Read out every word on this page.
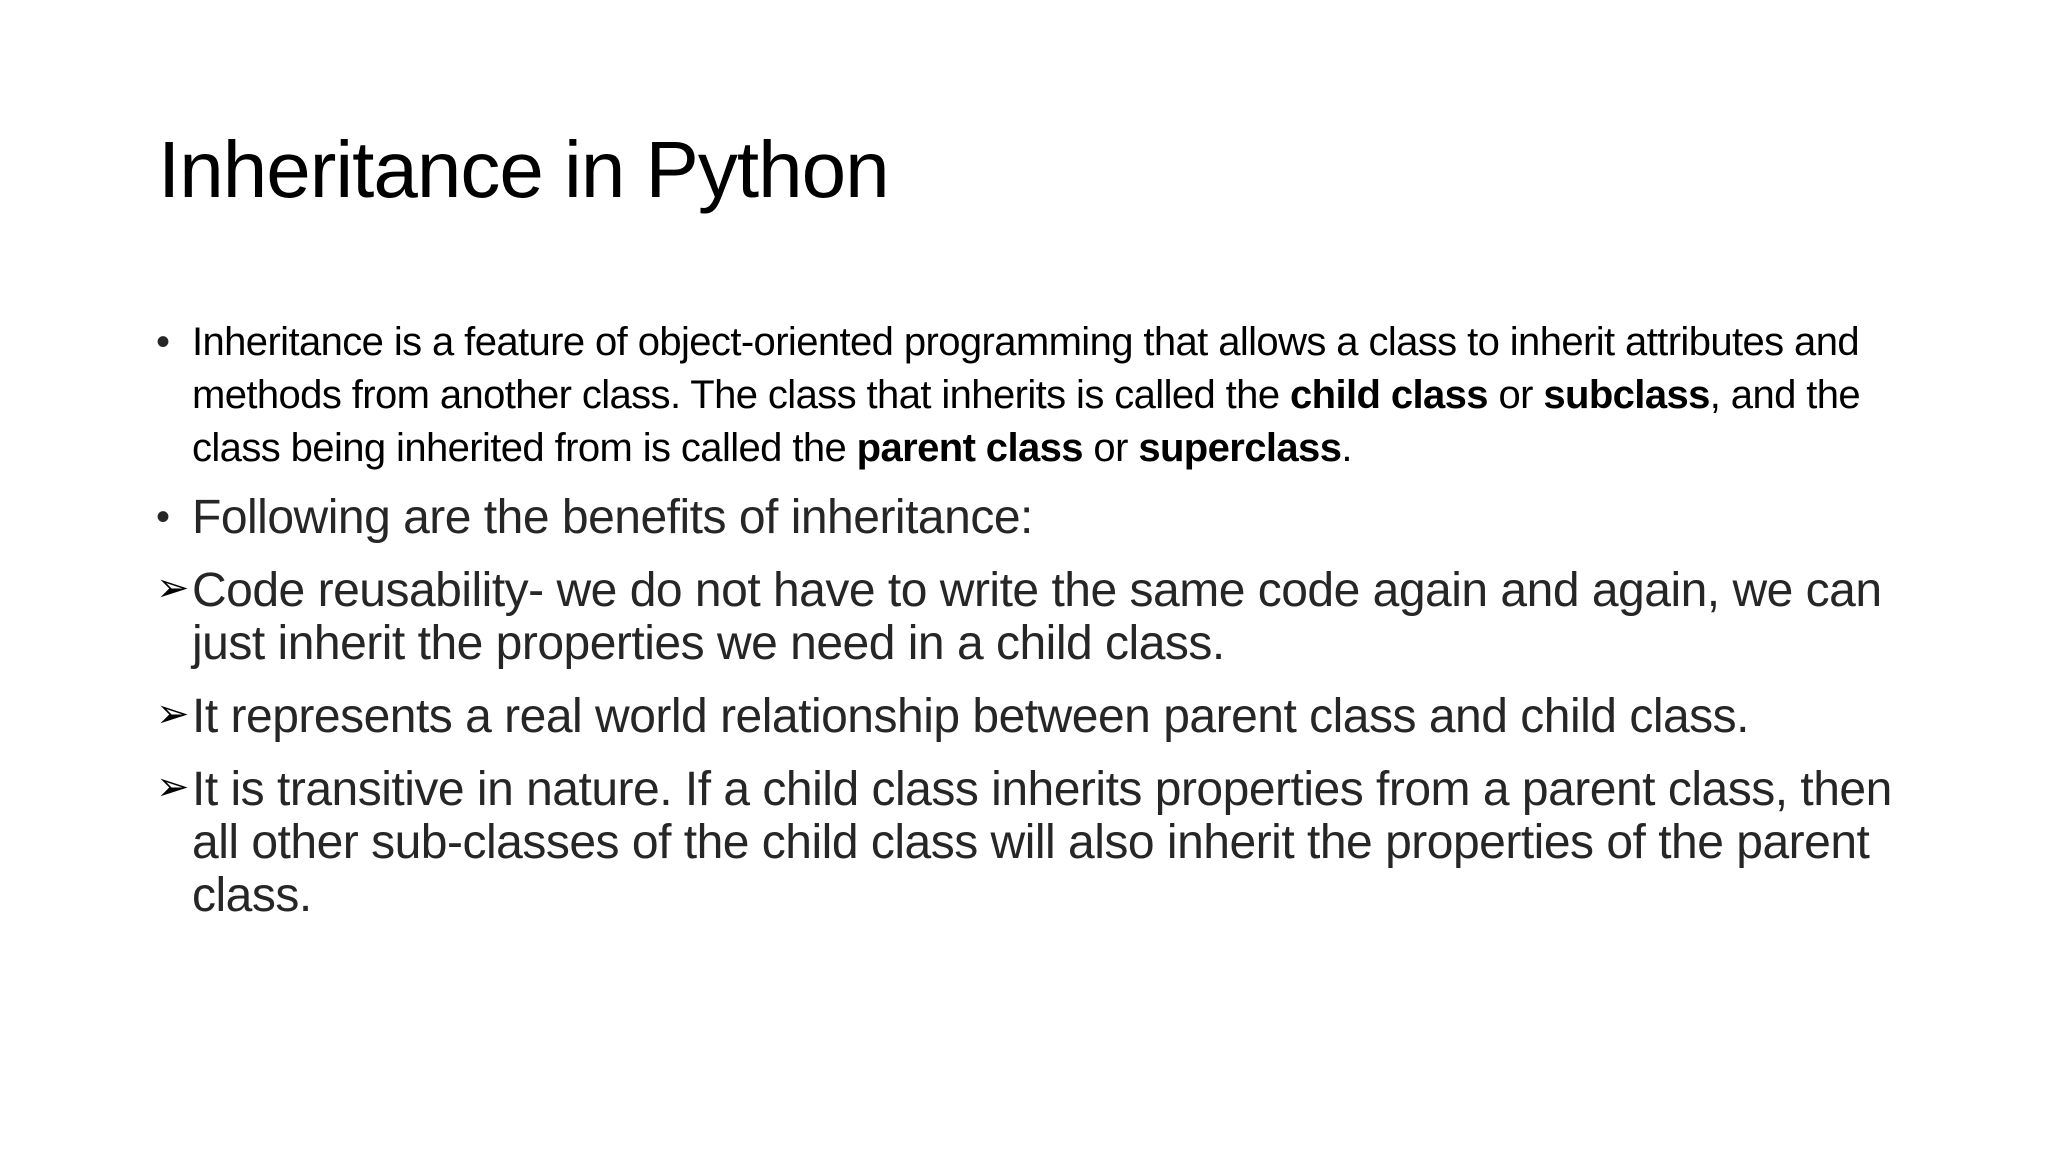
Inheritance in Python
• Inheritance is a feature of object-oriented programming that allows a class to inherit attributes and methods from another class. The class that inherits is called the child class or subclass, and the class being inherited from is called the parent class or superclass.
• Following are the benefits of inheritance:
➢ Code reusability- we do not have to write the same code again and again, we can just inherit the properties we need in a child class.
➢ It represents a real world relationship between parent class and child class.
➢ It is transitive in nature. If a child class inherits properties from a parent class, then all other sub-classes of the child class will also inherit the properties of the parent class.
